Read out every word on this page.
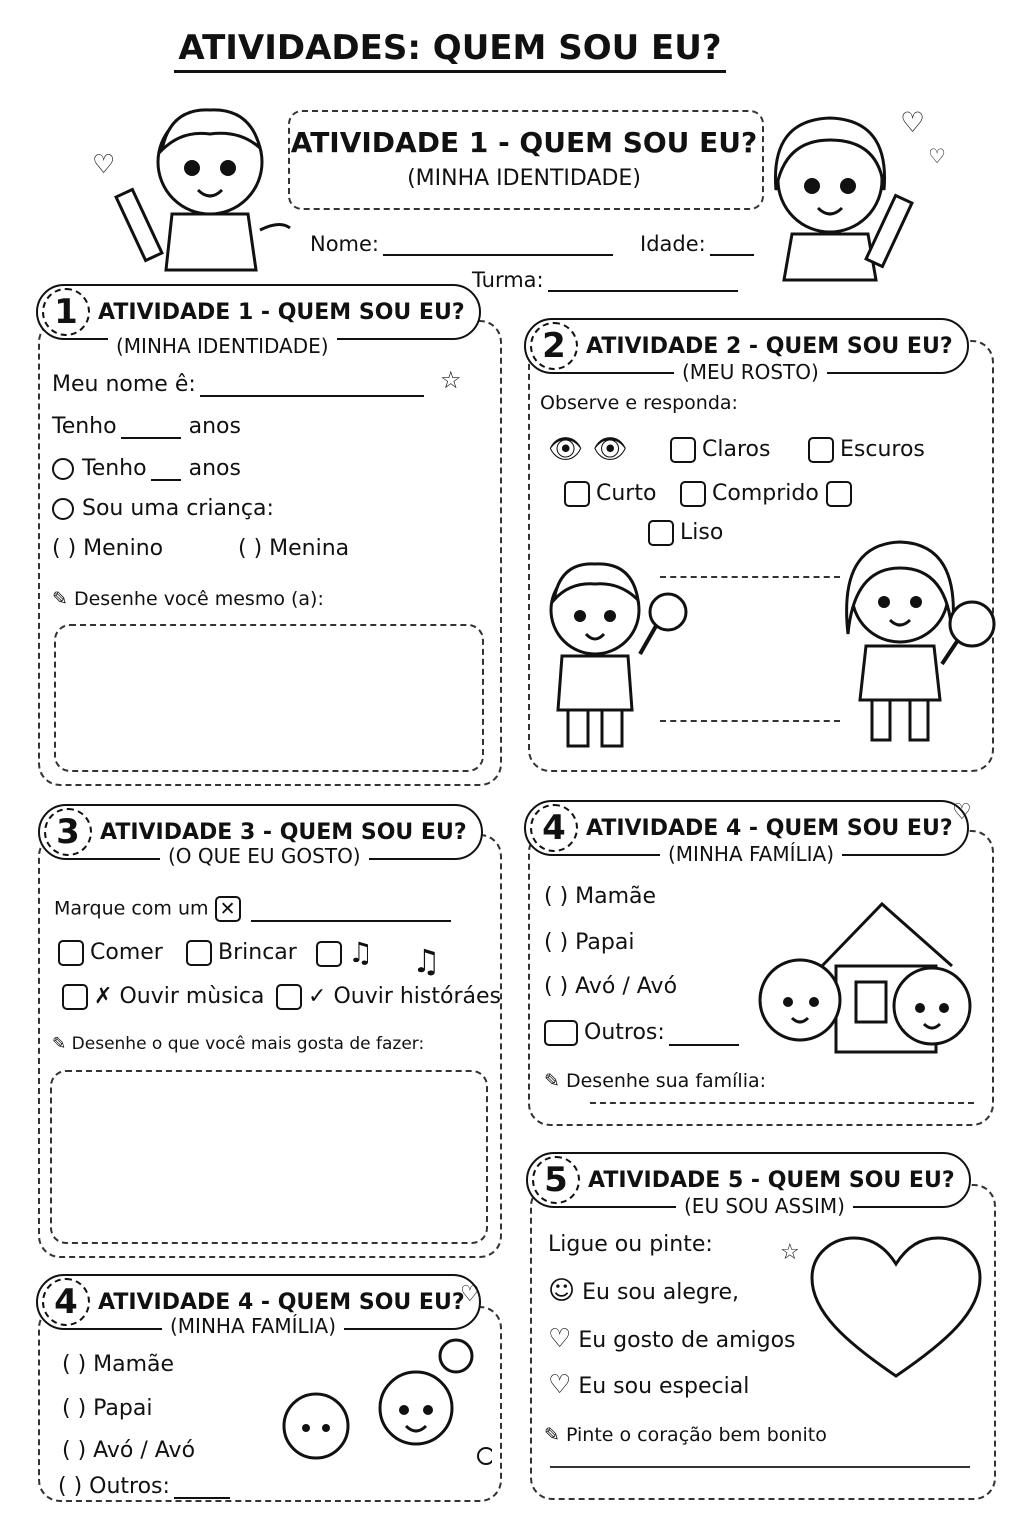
ATIVIDADES: QUEM SOU EU?
ATIVIDADE 1 - QUEM SOU EU?
(MINHA IDENTIDADE)
Nome:	Idade:
Turma:
1 ATIVIDADE 1 - QUEM SOU EU?
(MINHA IDENTIDADE)
Meu nome ê:
Tenho	anos
Tenho anos
Sou uma criança:
( ) Menino	( ) Menina
✎ Desenhe você mesmo (a):
2 ATIVIDADE 2 - QUEM SOU EU?
(MEU ROSTO)
Observe e responda:
👁 👁	Claros	Escuros
Curto	Comprido
Liso
3 ATIVIDADE 3 - QUEM SOU EU?
(O QUE EU GOSTO)
Marque com um ✕
Comer	Brincar	♫ ♫
✗ Ouvir mùsica	✓ Ouvir históráes
✎ Desenhe o que você mais gosta de fazer:
4 ATIVIDADE 4 - QUEM SOU EU?
(MINHA FAMÍLIA)
( ) Mamãe
( ) Papai
( ) Avó / Avó
Outros:
✎ Desenhe sua família:
4 ATIVIDADE 4 - QUEM SOU EU?
(MINHA FAMÍLIA)
( ) Mamãe
( ) Papai
( ) Avó / Avó
( ) Outros:
5 ATIVIDADE 5 - QUEM SOU EU?
(EU SOU ASSIM)
Ligue ou pinte:
☺ Eu sou alegre,
♡ Eu gosto de amigos
♡ Eu sou especial
✎ Pinte o coração bem bonito
♡
♡
♡
♡
♡
☆
☆
